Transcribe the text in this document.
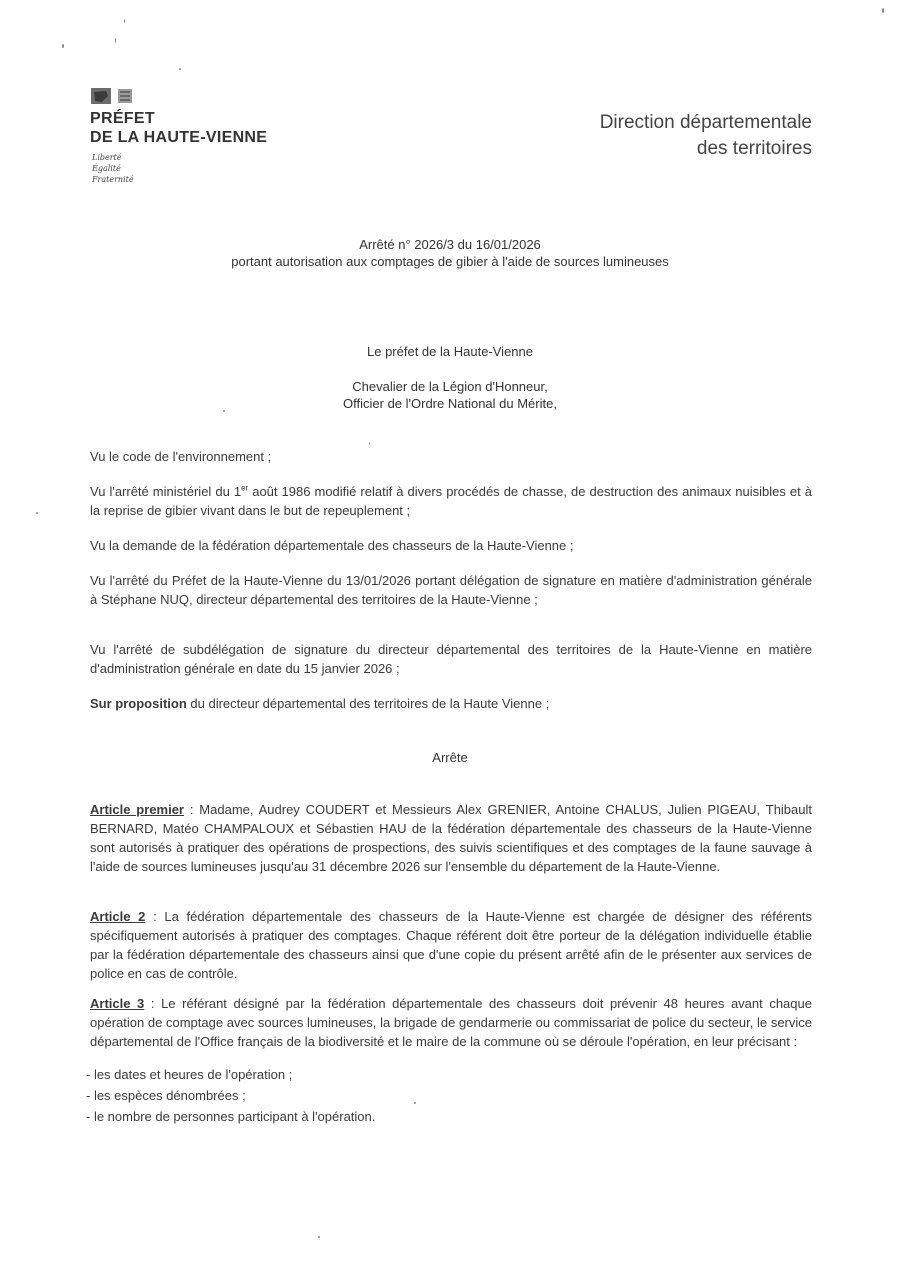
PRÉFET
DE LA HAUTE-VIENNE
Liberté
Égalité
Fraternité
Direction départementale
des territoires
Arrêté n° 2026/3 du 16/01/2026
portant autorisation aux comptages de gibier à l'aide de sources lumineuses
Le préfet de la Haute-Vienne
Chevalier de la Légion d'Honneur,
Officier de l'Ordre National du Mérite,
Vu le code de l'environnement ;
Vu l'arrêté ministériel du 1er août 1986 modifié relatif à divers procédés de chasse, de destruction des animaux nuisibles et à la reprise de gibier vivant dans le but de repeuplement ;
Vu la demande de la fédération départementale des chasseurs de la Haute-Vienne ;
Vu l'arrêté du Préfet de la Haute-Vienne du 13/01/2026 portant délégation de signature en matière d'administration générale à Stéphane NUQ, directeur départemental des territoires de la Haute-Vienne ;
Vu l'arrêté de subdélégation de signature du directeur départemental des territoires de la Haute-Vienne en matière d'administration générale en date du 15 janvier 2026 ;
Sur proposition du directeur départemental des territoires de la Haute Vienne ;
Arrête
Article premier : Madame, Audrey COUDERT et Messieurs Alex GRENIER, Antoine CHALUS, Julien PIGEAU, Thibault BERNARD, Matéo CHAMPALOUX et Sébastien HAU de la fédération départementale des chasseurs de la Haute-Vienne sont autorisés à pratiquer des opérations de prospections, des suivis scientifiques et des comptages de la faune sauvage à l'aide de sources lumineuses jusqu'au 31 décembre 2026 sur l'ensemble du département de la Haute-Vienne.
Article 2 : La fédération départementale des chasseurs de la Haute-Vienne est chargée de désigner des référents spécifiquement autorisés à pratiquer des comptages. Chaque référent doit être porteur de la délégation individuelle établie par la fédération départementale des chasseurs ainsi que d'une copie du présent arrêté afin de le présenter aux services de police en cas de contrôle.
Article 3 : Le référant désigné par la fédération départementale des chasseurs doit prévenir 48 heures avant chaque opération de comptage avec sources lumineuses, la brigade de gendarmerie ou commissariat de police du secteur, le service départemental de l'Office français de la biodiversité et le maire de la commune où se déroule l'opération, en leur précisant :
- les dates et heures de l'opération ;
- les espèces dénombrées ;
- le nombre de personnes participant à l'opération.
